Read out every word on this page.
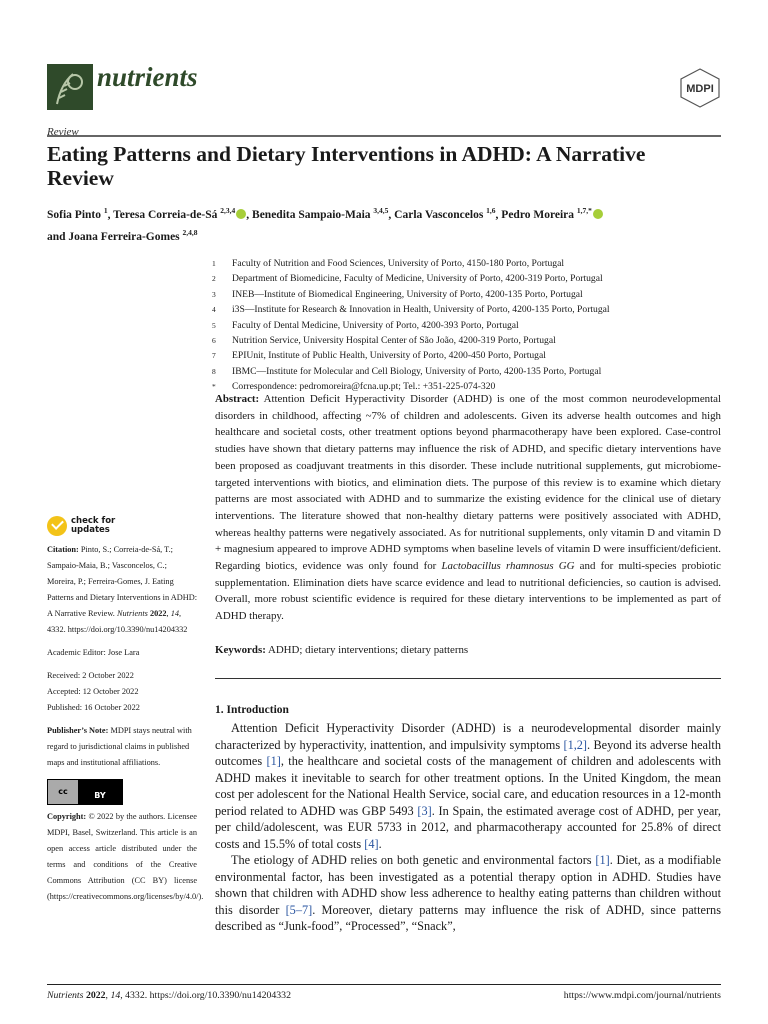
nutrients	MDPI
Review
Eating Patterns and Dietary Interventions in ADHD: A Narrative Review
Sofia Pinto $^1$, Teresa Correia-de-Sá $^{2,3,4}$ , Benedita Sampaio-Maia $^{3,4,5}$, Carla Vasconcelos $^{1,6}$, Pedro Moreira $^{1,7,*}$
and Joana Ferreira-Gomes $^{2,4,8}$
1	Faculty of Nutrition and Food Sciences, University of Porto, 4150-180 Porto, Portugal
2	Department of Biomedicine, Faculty of Medicine, University of Porto, 4200-319 Porto, Portugal
3	INEB—Institute of Biomedical Engineering, University of Porto, 4200-135 Porto, Portugal
4	i3S—Institute for Research & Innovation in Health, University of Porto, 4200-135 Porto, Portugal
5	Faculty of Dental Medicine, University of Porto, 4200-393 Porto, Portugal
6	Nutrition Service, University Hospital Center of São João, 4200-319 Porto, Portugal
7	EPIUnit, Institute of Public Health, University of Porto, 4200-450 Porto, Portugal
8	IBMC—Institute for Molecular and Cell Biology, University of Porto, 4200-135 Porto, Portugal
*	Correspondence: pedromoreira@fcna.up.pt; Tel.: +351-225-074-320
Abstract: Attention Deficit Hyperactivity Disorder (ADHD) is one of the most common neurodevelopmental disorders in childhood, affecting ~7% of children and adolescents. Given its adverse health outcomes and high healthcare and societal costs, other treatment options beyond pharmacotherapy have been explored. Case-control studies have shown that dietary patterns may influence the risk of ADHD, and specific dietary interventions have been proposed as coadjuvant treatments in this disorder. These include nutritional supplements, gut microbiome-targeted interventions with biotics, and elimination diets. The purpose of this review is to examine which dietary patterns are most associated with ADHD and to summarize the existing evidence for the clinical use of dietary interventions. The literature showed that non-healthy dietary patterns were positively associated with ADHD, whereas healthy patterns were negatively associated. As for nutritional supplements, only vitamin D and vitamin D + magnesium appeared to improve ADHD symptoms when baseline levels of vitamin D were insufficient/deficient. Regarding biotics, evidence was only found for Lactobacillus rhamnosus GG and for multi-species probiotic supplementation. Elimination diets have scarce evidence and lead to nutritional deficiencies, so caution is advised. Overall, more robust scientific evidence is required for these dietary interventions to be implemented as part of ADHD therapy.
Keywords: ADHD; dietary interventions; dietary patterns
1. Introduction

Attention Deficit Hyperactivity Disorder (ADHD) is a neurodevelopmental disorder mainly characterized by hyperactivity, inattention, and impulsivity symptoms [1,2]. Beyond its adverse health outcomes [1], the healthcare and societal costs of the management of children and adolescents with ADHD makes it inevitable to search for other treatment options. In the United Kingdom, the mean cost per adolescent for the National Health Service, social care, and education resources in a 12-month period related to ADHD was GBP 5493 [3]. In Spain, the estimated average cost of ADHD, per year, per child/adolescent, was EUR 5733 in 2012, and pharmacotherapy accounted for 25.8% of direct costs and 15.5% of total costs [4].

The etiology of ADHD relies on both genetic and environmental factors [1]. Diet, as a modifiable environmental factor, has been investigated as a potential therapy option in ADHD. Studies have shown that children with ADHD show less adherence to healthy eating patterns than children without this disorder [5–7]. Moreover, dietary patterns may influence the risk of ADHD, since patterns described as “Junk-food”, “Processed”, “Snack”,

check for
updates

Citation: Pinto, S.; Correia-de-Sá, T.; Sampaio-Maia, B.; Vasconcelos, C.; Moreira, P.; Ferreira-Gomes, J. Eating Patterns and Dietary Interventions in ADHD: A Narrative Review. Nutrients 2022, 14, 4332. https://doi.org/10.3390/nu14204332

Academic Editor: Jose Lara

Received: 2 October 2022

Accepted: 12 October 2022

Published: 16 October 2022

Publisher’s Note: MDPI stays neutral with regard to jurisdictional claims in published maps and institutional affiliations.

cc	BY

Copyright: © 2022 by the authors. Licensee MDPI, Basel, Switzerland. This article is an open access article distributed under the terms and conditions of the Creative Commons Attribution (CC BY) license (https://creativecommons.org/licenses/by/4.0/).

Nutrients 2022, 14, 4332. https://doi.org/10.3390/nu14204332	https://www.mdpi.com/journal/nutrients
